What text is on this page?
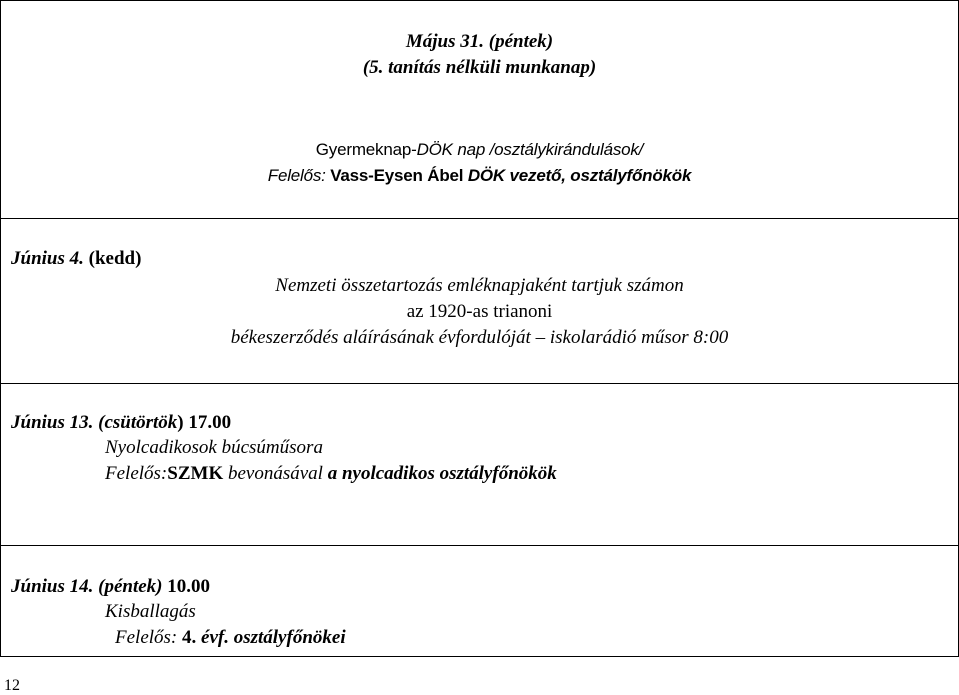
Május 31. (péntek)
(5. tanítás nélküli munkanap)
Gyermeknap-DÖK nap /osztálykirándulások/
Felelős: Vass-Eysen Ábel DÖK vezető, osztályfőnökök
Június 4. (kedd)
Nemzeti összetartozás emléknapjaként tartjuk számon
az 1920-as trianoni
békeszerződés aláírásának évfordulóját – iskolarádió műsor 8:00
Június 13. (csütörtök) 17.00
Nyolcadikosok búcsúműsora
Felelős:SZMK bevonásával a nyolcadikos osztályfőnökök
Június 14. (péntek) 10.00
Kisballagás
Felelős: 4. évf. osztályfőnökei
12
